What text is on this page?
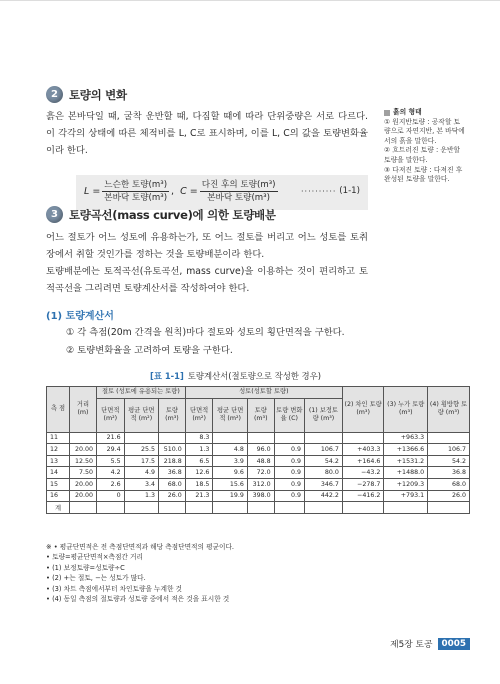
2 토량의 변화
흙은 본바닥일 때, 굴착 운반할 때, 다짐할 때에 따라 단위중량은 서로 다르다. 이 각각의 상태에 따른 체적비를 L, C로 표시하며, 이를 L, C의 값을 토량변화율이라 한다.
$L = \frac{\text{느슨한 토량(m³)}}{\text{본바닥 토량(m³)}}$ , $C = \frac{\text{다진 후의 토량(m³)}}{\text{본바닥 토량(m³)}}$	·········· (1-1)
흙의 형태
① 원지반토량 : 공작할 토량으로 자연지반, 본 바닥에서의 흙을 말한다.
② 흐트러진 토량 : 운반할 토량을 말한다.
③ 다져진 토량 : 다져진 후 완성된 토량을 말한다.
3 토량곡선(mass curve)에 의한 토량배분
어느 절토가 어느 성토에 유용하는가, 또 어느 절토를 버리고 어느 성토를 토취장에서 취할 것인가를 정하는 것을 토량배분이라 한다.
토량배분에는 토적곡선(유토곡선, mass curve)을 이용하는 것이 편리하고 토적곡선을 그리려면 토량계산서를 작성하여야 한다.
(1) 토량계산서
① 각 측점(20m 간격을 원칙)마다 절토와 성토의 횡단면적을 구한다.
② 토량변화율을 고려하여 토량을 구한다.
[표 1-1] 토량계산서(절토량으로 작성한 경우)
측 점	거리 (m)	절토 (성토에 유용되는 토량)			성토(성토할 토량)					(2) 차인 토량 (m³)	(3) 누가 토량 (m³)	(4) 횡방향 토량 (m³)
		단면적 (m²)	평균 단면적 (m²)	토량 (m³)	단면적 (m²)	평균 단면적 (m²)	토량 (m³)	토량 변화율 (C)	(1) 보정토량 (m³)			
11		21.6			8.3						+963.3	
12	20.00	29.4	25.5	510.0	1.3	4.8	96.0	0.9	106.7	+403.3	+1366.6	106.7
13	12.50	5.5	17.5	218.8	6.5	3.9	48.8	0.9	54.2	+164.6	+1531.2	54.2
14	7.50	4.2	4.9	36.8	12.6	9.6	72.0	0.9	80.0	−43.2	+1488.0	36.8
15	20.00	2.6	3.4	68.0	18.5	15.6	312.0	0.9	346.7	−278.7	+1209.3	68.0
16	20.00	0	1.3	26.0	21.3	19.9	398.0	0.9	442.2	−416.2	+793.1	26.0
계												
※ • 평균단면적은 전 측점단면적과 해당 측점단면적의 평균이다.
• 토량=평균단면적×측점간 거리
• (1) 보정토량=성토량÷C
• (2) +는 절토, −는 성토가 많다.
• (3) 차트 측점에서부터 차인토량을 누계한 것
• (4) 동일 측점의 절토량과 성토량 중에서 적은 것을 표시한 것
제5장 토공	0005
